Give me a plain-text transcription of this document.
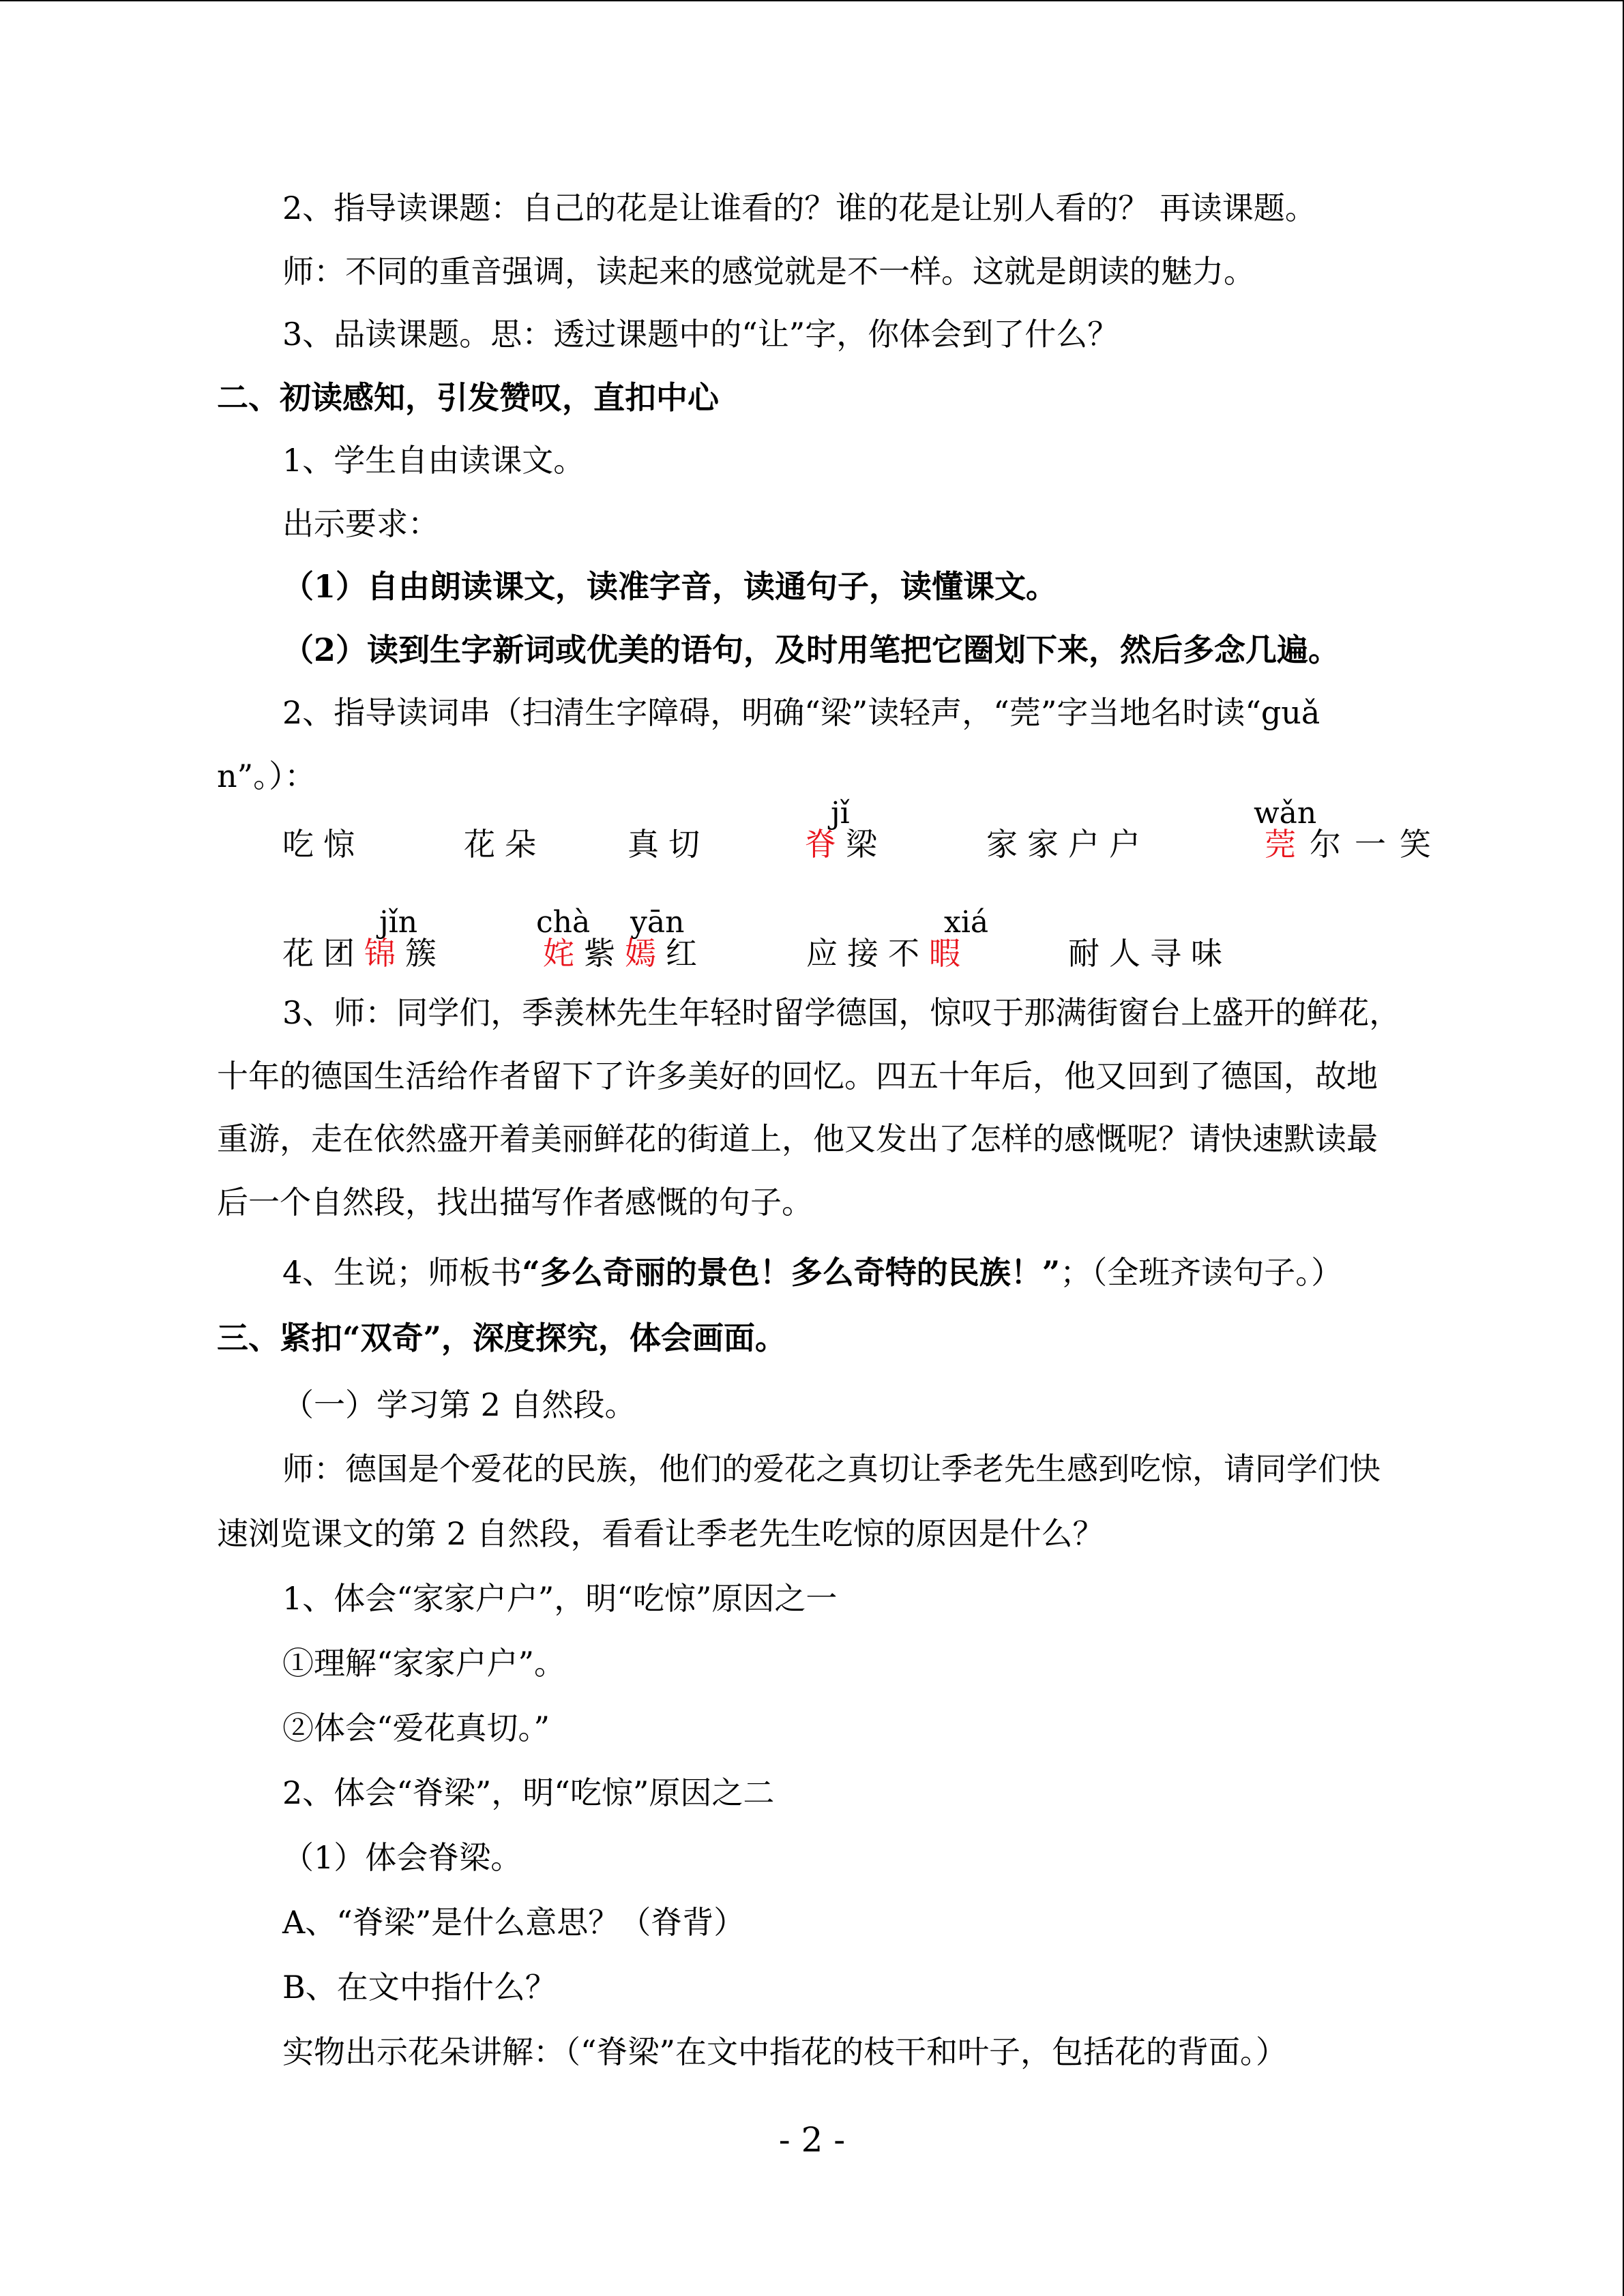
2、指导读课题：自己的花是让谁看的？谁的花是让别人看的？ 再读课题。
师：不同的重音强调，读起来的感觉就是不一样。这就是朗读的魅力。
3、品读课题。思：透过课题中的“让”字，你体会到了什么？
二、初读感知，引发赞叹，直扣中心
1、学生自由读课文。
出示要求：
（1）自由朗读课文，读准字音，读通句子，读懂课文。
（2）读到生字新词或优美的语句，及时用笔把它圈划下来，然后多念几遍。
2、指导读词串（扫清生字障碍，明确“梁”读轻声，“莞”字当地名时读“guǎ
n”。）：
吃惊	花朵	真切
jǐ
脊梁	家家户户
wǎn
莞尔一笑
jǐn
花团锦簇
chà yān
姹紫嫣红
xiá
应接不暇	耐人寻味
3、师：同学们，季羡林先生年轻时留学德国，惊叹于那满街窗台上盛开的鲜花，
十年的德国生活给作者留下了许多美好的回忆。四五十年后，他又回到了德国，故地
重游，走在依然盛开着美丽鲜花的街道上，他又发出了怎样的感慨呢？请快速默读最
后一个自然段，找出描写作者感慨的句子。
4、生说；师板书“多么奇丽的景色！多么奇特的民族！”；（全班齐读句子。）
三、紧扣“双奇”，深度探究，体会画面。
（一）学习第 2 自然段。
师：德国是个爱花的民族，他们的爱花之真切让季老先生感到吃惊，请同学们快
速浏览课文的第 2 自然段，看看让季老先生吃惊的原因是什么？
1、体会“家家户户”，明“吃惊”原因之一
①理解“家家户户”。
②体会“爱花真切。”
2、体会“脊梁”，明“吃惊”原因之二
（1）体会脊梁。
A、“脊梁”是什么意思？（脊背）
B、在文中指什么？
实物出示花朵讲解：（“脊梁”在文中指花的枝干和叶子，包括花的背面。）
- 2 -
